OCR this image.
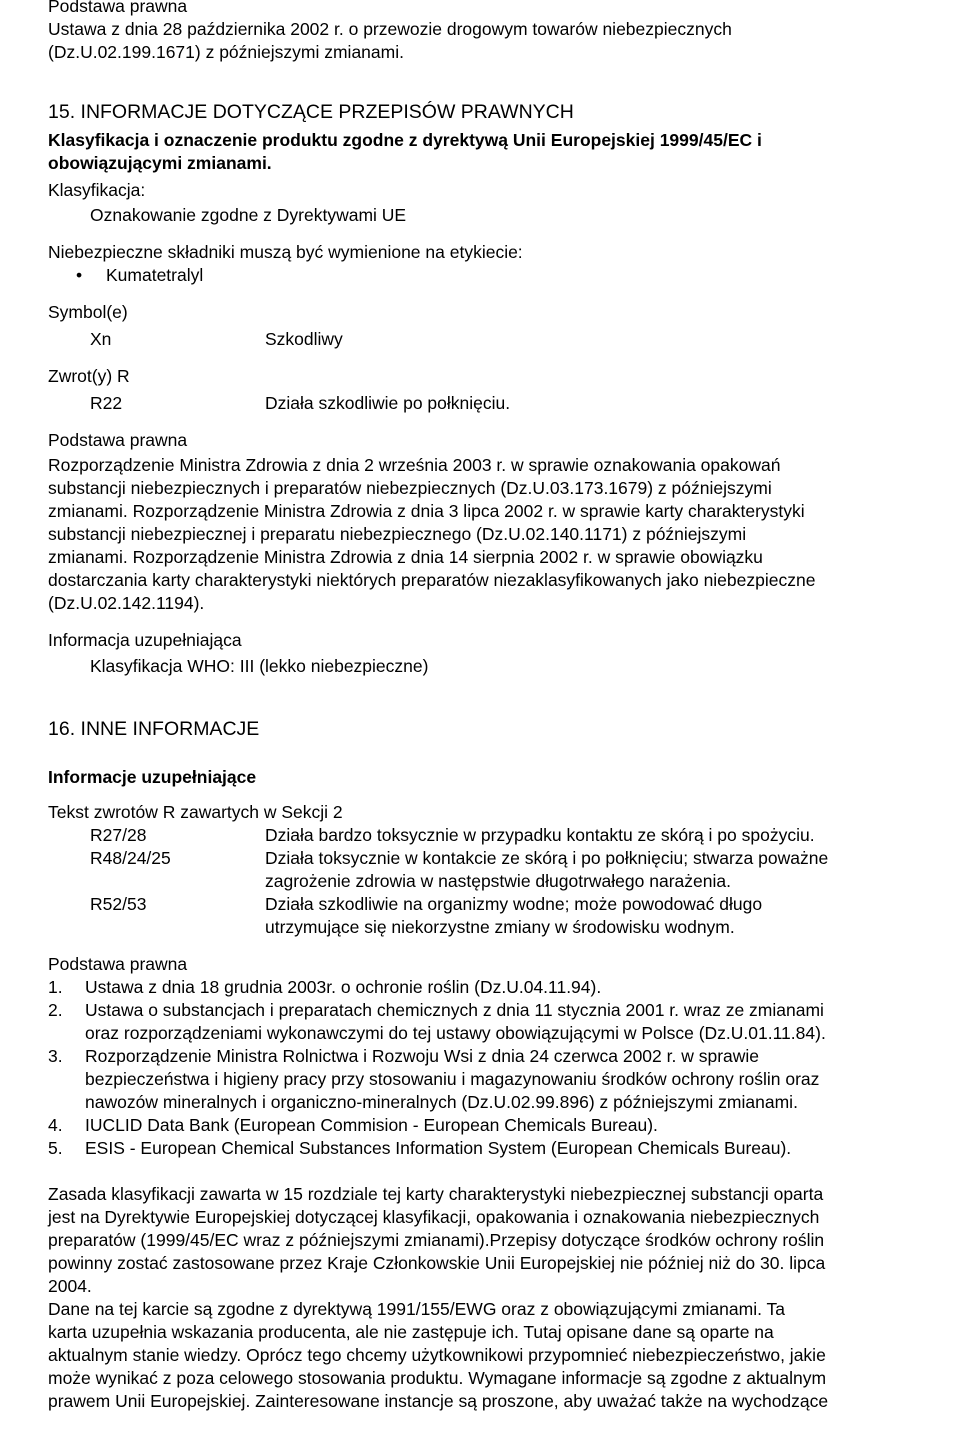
Podstawa prawna
Ustawa z dnia 28 października 2002 r. o przewozie drogowym towarów niebezpiecznych
(Dz.U.02.199.1671) z późniejszymi zmianami.
15. INFORMACJE DOTYCZĄCE PRZEPISÓW PRAWNYCH
Klasyfikacja i oznaczenie produktu zgodne z dyrektywą Unii Europejskiej 1999/45/EC i
obowiązującymi zmianami.
Klasyfikacja:
Oznakowanie zgodne z Dyrektywami UE
Niebezpieczne składniki muszą być wymienione na etykiecie:
•	Kumatetralyl
Symbol(e)
Xn	Szkodliwy
Zwrot(y) R
R22	Działa szkodliwie po połknięciu.
Podstawa prawna
Rozporządzenie Ministra Zdrowia z dnia 2 września 2003 r. w sprawie oznakowania opakowań
substancji niebezpiecznych i preparatów niebezpiecznych (Dz.U.03.173.1679) z późniejszymi
zmianami. Rozporządzenie Ministra Zdrowia z dnia 3 lipca 2002 r. w sprawie karty charakterystyki
substancji niebezpiecznej i preparatu niebezpiecznego (Dz.U.02.140.1171) z późniejszymi
zmianami. Rozporządzenie Ministra Zdrowia z dnia 14 sierpnia 2002 r. w sprawie obowiązku
dostarczania karty charakterystyki niektórych preparatów niezaklasyfikowanych jako niebezpieczne
(Dz.U.02.142.1194).
Informacja uzupełniająca
Klasyfikacja WHO: III (lekko niebezpieczne)
16. INNE INFORMACJE
Informacje uzupełniające
Tekst zwrotów R zawartych w Sekcji 2
R27/28	Działa bardzo toksycznie w przypadku kontaktu ze skórą i po spożyciu.
R48/24/25	Działa toksycznie w kontakcie ze skórą i po połknięciu; stwarza poważne
zagrożenie zdrowia w następstwie długotrwałego narażenia.
R52/53	Działa szkodliwie na organizmy wodne; może powodować długo
utrzymujące się niekorzystne zmiany w środowisku wodnym.
Podstawa prawna
1.	Ustawa z dnia 18 grudnia 2003r. o ochronie roślin (Dz.U.04.11.94).
2.	Ustawa o substancjach i preparatach chemicznych z dnia 11 stycznia 2001 r. wraz ze zmianami
oraz rozporządzeniami wykonawczymi do tej ustawy obowiązującymi w Polsce (Dz.U.01.11.84).
3.	Rozporządzenie Ministra Rolnictwa i Rozwoju Wsi z dnia 24 czerwca 2002 r. w sprawie
bezpieczeństwa i higieny pracy przy stosowaniu i magazynowaniu środków ochrony roślin oraz
nawozów mineralnych i organiczno-mineralnych (Dz.U.02.99.896) z późniejszymi zmianami.
4.	IUCLID Data Bank (European Commision - European Chemicals Bureau).
5.	ESIS - European Chemical Substances Information System (European Chemicals Bureau).
Zasada klasyfikacji zawarta w 15 rozdziale tej karty charakterystyki niebezpiecznej substancji oparta
jest na Dyrektywie Europejskiej dotyczącej klasyfikacji, opakowania i oznakowania niebezpiecznych
preparatów (1999/45/EC wraz z późniejszymi zmianami).Przepisy dotyczące środków ochrony roślin
powinny zostać zastosowane przez Kraje Członkowskie Unii Europejskiej nie później niż do 30. lipca
2004.
Dane na tej karcie są zgodne z dyrektywą 1991/155/EWG oraz z obowiązującymi zmianami. Ta
karta uzupełnia wskazania producenta, ale nie zastępuje ich. Tutaj opisane dane są oparte na
aktualnym stanie wiedzy. Oprócz tego chcemy użytkownikowi przypomnieć niebezpieczeństwo, jakie
może wynikać z poza celowego stosowania produktu. Wymagane informacje są zgodne z aktualnym
prawem Unii Europejskiej. Zainteresowane instancje są proszone, aby uważać także na wychodzące
